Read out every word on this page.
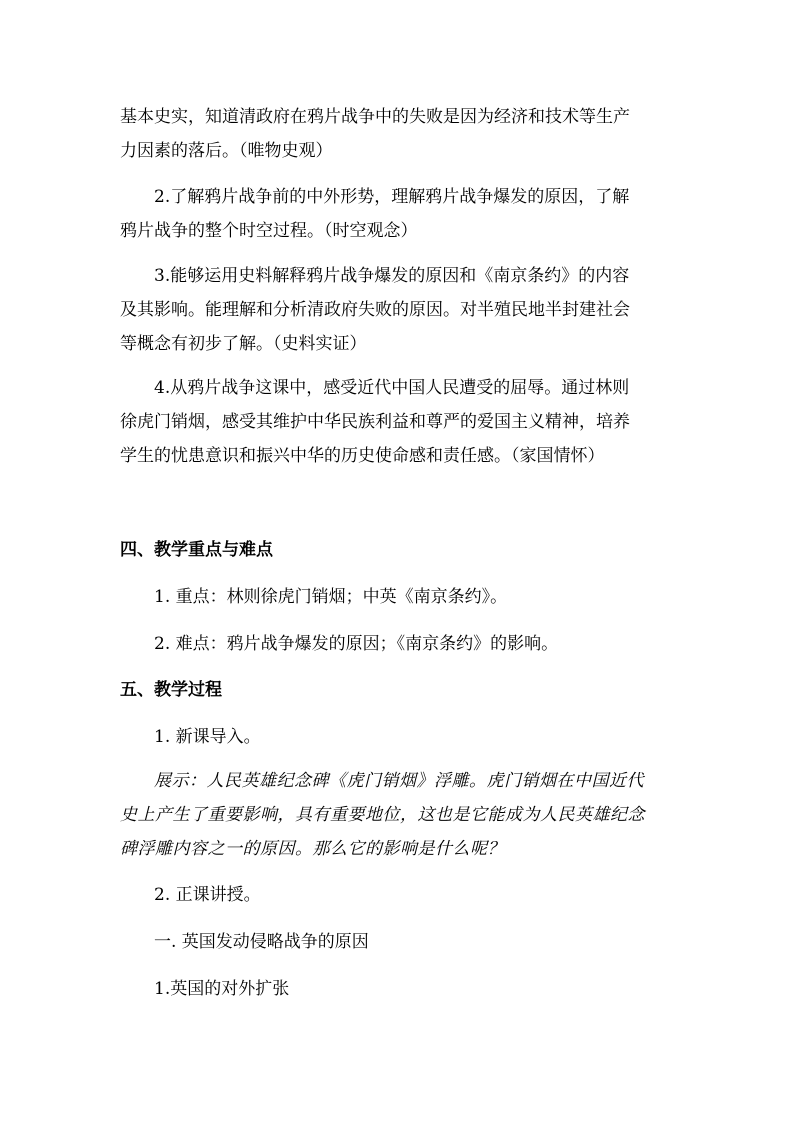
基本史实，知道清政府在鸦片战争中的失败是因为经济和技术等生产
力因素的落后。（唯物史观）

2.了解鸦片战争前的中外形势，理解鸦片战争爆发的原因，了解
鸦片战争的整个时空过程。（时空观念）

3.能够运用史料解释鸦片战争爆发的原因和《南京条约》的内容
及其影响。能理解和分析清政府失败的原因。对半殖民地半封建社会
等概念有初步了解。（史料实证）

4.从鸦片战争这课中，感受近代中国人民遭受的屈辱。通过林则
徐虎门销烟，感受其维护中华民族利益和尊严的爱国主义精神，培养
学生的忧患意识和振兴中华的历史使命感和责任感。（家国情怀）

四、教学重点与难点

1. 重点：林则徐虎门销烟；中英《南京条约》。

2. 难点：鸦片战争爆发的原因；《南京条约》的影响。

五、教学过程

1. 新课导入。

展示：人民英雄纪念碑《虎门销烟》浮雕。虎门销烟在中国近代
史上产生了重要影响，具有重要地位，这也是它能成为人民英雄纪念
碑浮雕内容之一的原因。那么它的影响是什么呢？

2. 正课讲授。

一. 英国发动侵略战争的原因

1.英国的对外扩张
